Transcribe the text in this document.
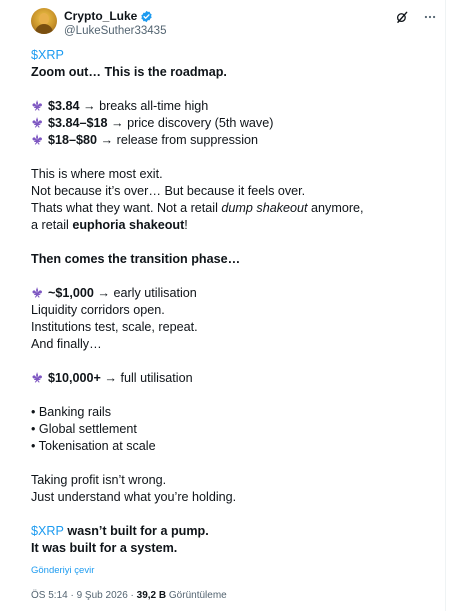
Crypto_Luke
@LukeSuther33435

$XRP

Zoom out… This is the roadmap.

$3.84 → breaks all-time high

$3.84–$18 → price discovery (5th wave)

$18–$80 → release from suppression

This is where most exit.

Not because it’s over… But because it feels over.

Thats what they want. Not a retail dump shakeout anymore,

a retail euphoria shakeout!

Then comes the transition phase…

~$1,000 → early utilisation

Liquidity corridors open.

Institutions test, scale, repeat.

And finally…

$10,000+ → full utilisation

• Banking rails

• Global settlement

• Tokenisation at scale

Taking profit isn’t wrong.

Just understand what you’re holding.

$XRP wasn’t built for a pump.

It was built for a system.

Gönderiyi çevir
ÖS 5:14 · 9 Şub 2026 · 39,2 B Görüntüleme
